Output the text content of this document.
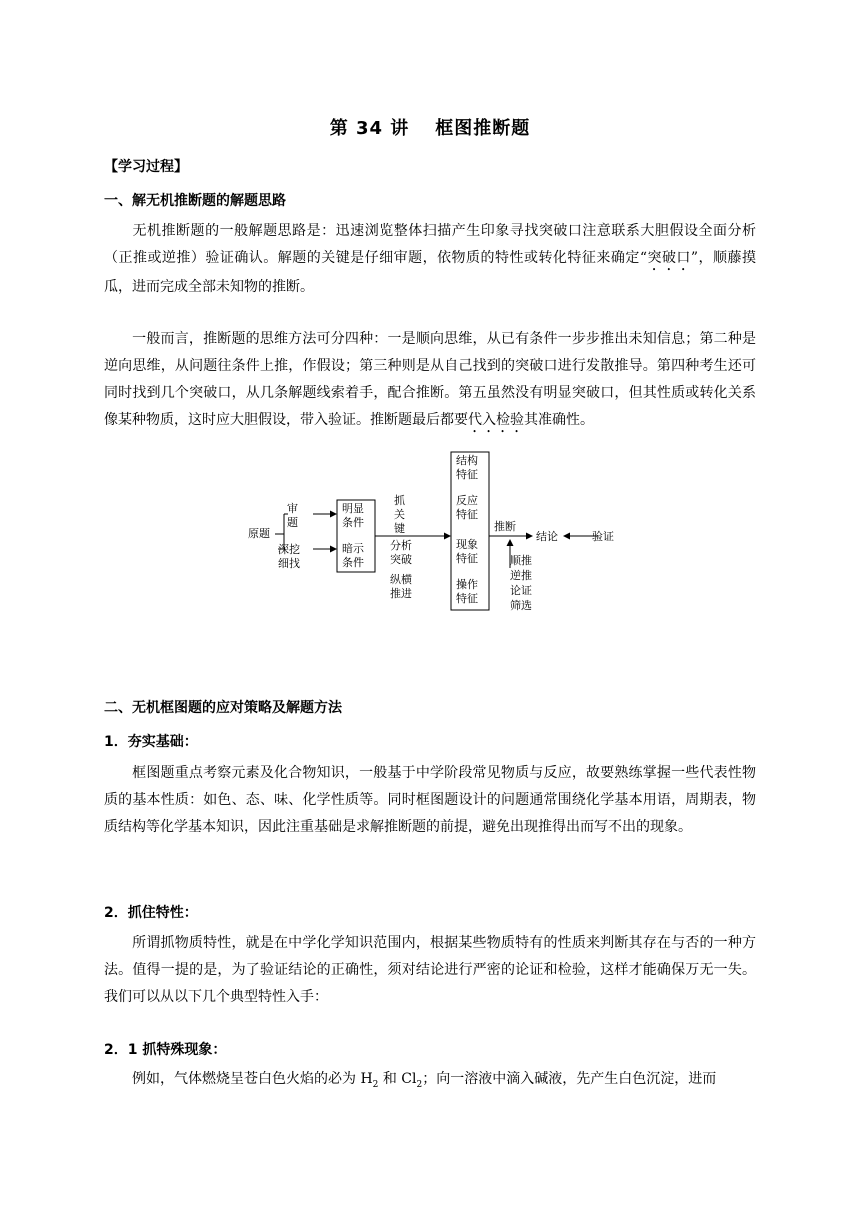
第 34 讲 框图推断题
【学习过程】
一、解无机推断题的解题思路
无机推断题的一般解题思路是：迅速浏览整体扫描产生印象寻找突破口注意联系大胆假设全面分析（正推或逆推）验证确认。解题的关键是仔细审题，依物质的特性或转化特征来确定“突破口”，顺藤摸瓜，进而完成全部未知物的推断。
一般而言，推断题的思维方法可分四种：一是顺向思维，从已有条件一步步推出未知信息；第二种是逆向思维，从问题往条件上推，作假设；第三种则是从自己找到的突破口进行发散推导。第四种考生还可同时找到几个突破口，从几条解题线索着手，配合推断。第五虽然没有明显突破口，但其性质或转化关系像某种物质，这时应大胆假设，带入验证。推断题最后都要代入检验其准确性。
原题
审
题
深挖
细找
明显
条件
暗示
条件
抓
关
键
分析
突破
纵横
推进
结构
特征
反应
特征
现象
特征
操作
特征
推断
结论	验证
顺推
逆推
论证
筛选
二、无机框图题的应对策略及解题方法
1．夯实基础：
框图题重点考察元素及化合物知识，一般基于中学阶段常见物质与反应，故要熟练掌握一些代表性物质的基本性质：如色、态、味、化学性质等。同时框图题设计的问题通常围绕化学基本用语，周期表，物质结构等化学基本知识，因此注重基础是求解推断题的前提，避免出现推得出而写不出的现象。
2．抓住特性：
所谓抓物质特性，就是在中学化学知识范围内，根据某些物质特有的性质来判断其存在与否的一种方法。值得一提的是，为了验证结论的正确性，须对结论进行严密的论证和检验，这样才能确保万无一失。我们可以从以下几个典型特性入手：
2．1 抓特殊现象：
例如，气体燃烧呈苍白色火焰的必为 $H_2$ 和 $Cl_2$；向一溶液中滴入碱液，先产生白色沉淀，进而
